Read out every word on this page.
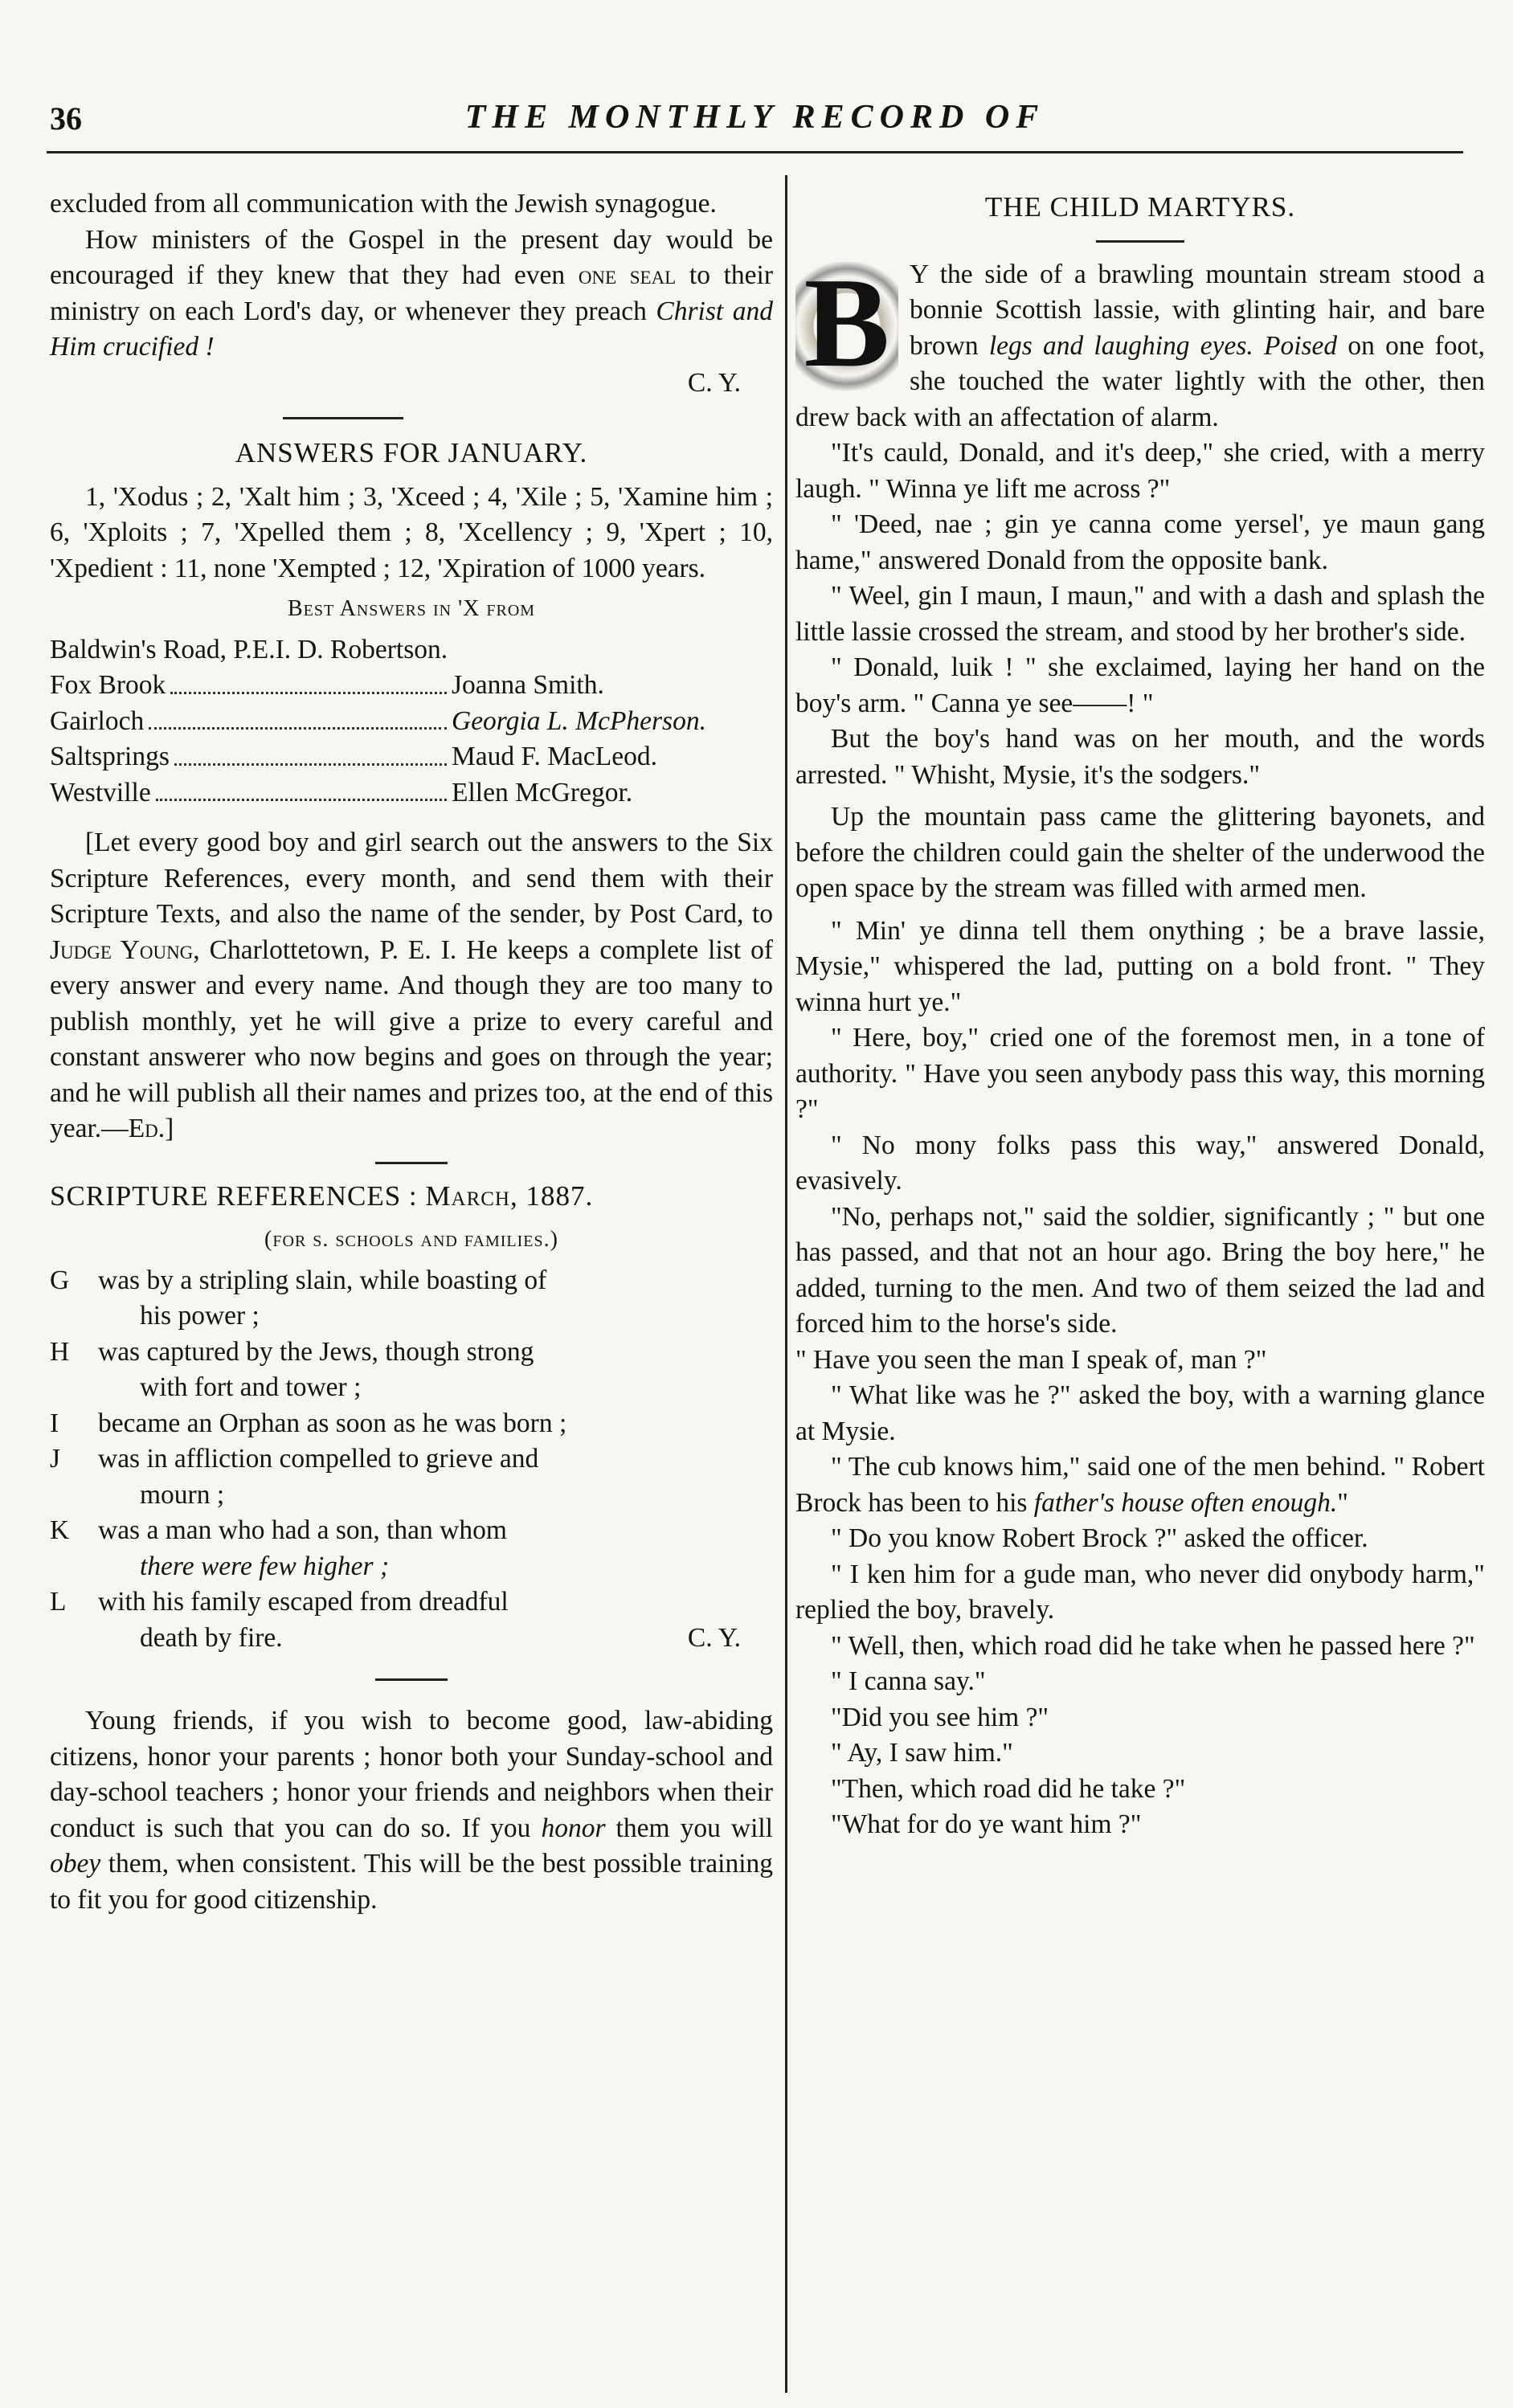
36	THE MONTHLY RECORD OF

excluded from all communication with the Jewish synagogue.

How ministers of the Gospel in the present day would be encouraged if they knew that they had even one seal to their ministry on each Lord's day, or whenever they preach Christ and Him crucified !

C. Y.
ANSWERS FOR JANUARY.

1, 'Xodus ; 2, 'Xalt him ; 3, 'Xceed ; 4, 'Xile ; 5, 'Xamine him ; 6, 'Xploits ; 7, 'Xpelled them ; 8, 'Xcellency ; 9, 'Xpert ; 10, 'Xpedient : 11, none 'Xempted ; 12, 'Xpiration of 1000 years.

Best Answers in 'X from
Baldwin's Road, P.E.I. D. Robertson.
Fox Brook	Joanna Smith.
Gairloch	Georgia L. McPherson.
Saltsprings	Maud F. MacLeod.
Westville	Ellen McGregor.

[Let every good boy and girl search out the answers to the Six Scripture References, every month, and send them with their Scripture Texts, and also the name of the sender, by Post Card, to Judge Young, Charlottetown, P. E. I. He keeps a complete list of every answer and every name. And though they are too many to publish monthly, yet he will give a prize to every careful and constant answerer who now begins and goes on through the year; and he will publish all their names and prizes too, at the end of this year.—Ed.]

SCRIPTURE REFERENCES : March, 1887.
(for s. schools and families.)
G	was by a stripling slain, while boasting of
his power ;
H	was captured by the Jews, though strong
with fort and tower ;
I	became an Orphan as soon as he was born ;
J	was in affliction compelled to grieve and
mourn ;
K	was a man who had a son, than whom
there were few higher ;
L	with his family escaped from dreadful
death by fire.	C. Y.

Young friends, if you wish to become good, law-abiding citizens, honor your parents ; honor both your Sunday-school and day-school teachers ; honor your friends and neighbors when their conduct is such that you can do so. If you honor them you will obey them, when consistent. This will be the best possible training to fit you for good citizenship.

THE CHILD MARTYRS.

B Y the side of a brawling mountain stream stood a bonnie Scottish lassie, with glinting hair, and bare brown legs and laughing eyes. Poised on one foot, she touched the water lightly with the other, then drew back with an affectation of alarm.

"It's cauld, Donald, and it's deep," she cried, with a merry laugh. " Winna ye lift me across ?"

" 'Deed, nae ; gin ye canna come yersel', ye maun gang hame," answered Donald from the opposite bank.

" Weel, gin I maun, I maun," and with a dash and splash the little lassie crossed the stream, and stood by her brother's side.

" Donald, luik ! " she exclaimed, laying her hand on the boy's arm. " Canna ye see——! "

But the boy's hand was on her mouth, and the words arrested. " Whisht, Mysie, it's the sodgers."

Up the mountain pass came the glittering bayonets, and before the children could gain the shelter of the underwood the open space by the stream was filled with armed men.

" Min' ye dinna tell them onything ; be a brave lassie, Mysie," whispered the lad, putting on a bold front. " They winna hurt ye."

" Here, boy," cried one of the foremost men, in a tone of authority. " Have you seen anybody pass this way, this morning ?"

" No mony folks pass this way," answered Donald, evasively.

"No, perhaps not," said the soldier, significantly ; " but one has passed, and that not an hour ago. Bring the boy here," he added, turning to the men. And two of them seized the lad and forced him to the horse's side.

" Have you seen the man I speak of, man ?"

" What like was he ?" asked the boy, with a warning glance at Mysie.

" The cub knows him," said one of the men behind. " Robert Brock has been to his father's house often enough."

" Do you know Robert Brock ?" asked the officer.

" I ken him for a gude man, who never did onybody harm," replied the boy, bravely.

" Well, then, which road did he take when he passed here ?"

" I canna say."

"Did you see him ?"

" Ay, I saw him."

"Then, which road did he take ?"

"What for do ye want him ?"
